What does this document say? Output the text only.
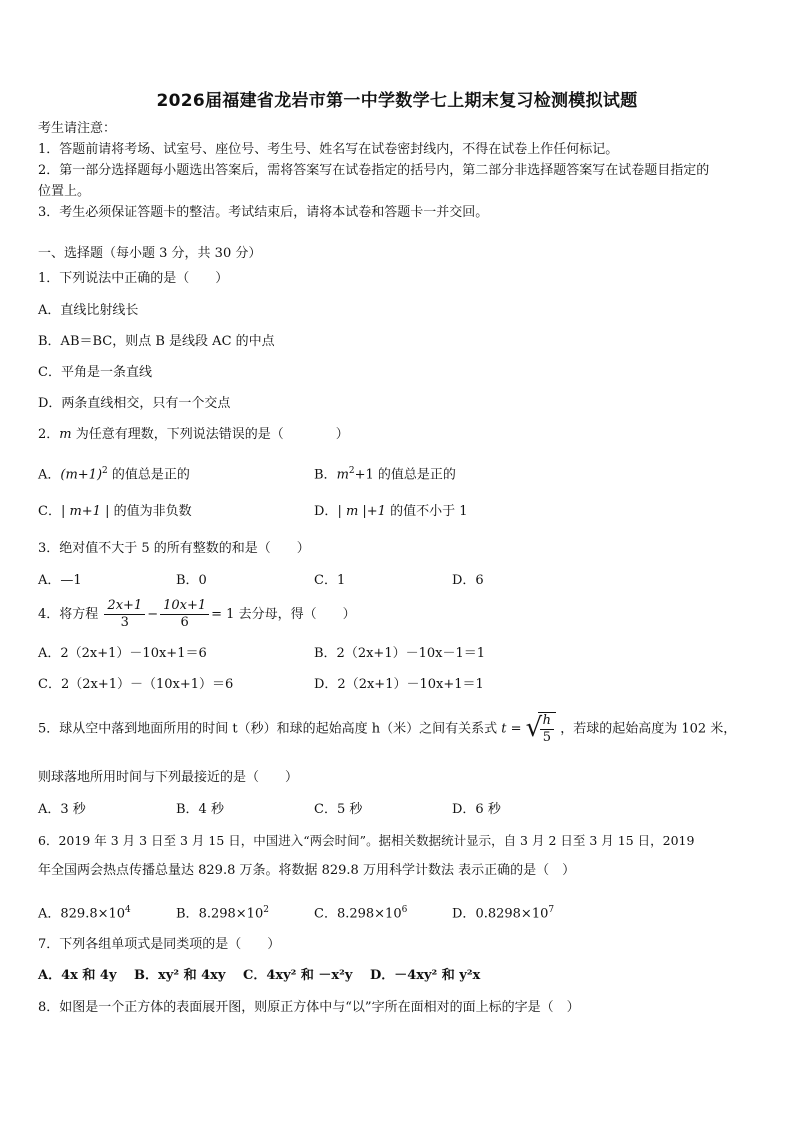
2026届福建省龙岩市第一中学数学七上期末复习检测模拟试题
考生请注意：
1．答题前请将考场、试室号、座位号、考生号、姓名写在试卷密封线内，不得在试卷上作任何标记。
2．第一部分选择题每小题选出答案后，需将答案写在试卷指定的括号内，第二部分非选择题答案写在试卷题目指定的
位置上。
3．考生必须保证答题卡的整洁。考试结束后，请将本试卷和答题卡一并交回。
一、选择题（每小题 3 分，共 30 分）
1．下列说法中正确的是（　　）
A．直线比射线长
B．AB＝BC，则点 B 是线段 AC 的中点
C．平角是一条直线
D．两条直线相交，只有一个交点
2．m 为任意有理数，下列说法错误的是（　　　　）
A．$(m+1)^2$ 的值总是正的	B．$m^2+1$ 的值总是正的
C．| m+1 | 的值为非负数	D．| m |+1 的值不小于 1
3．绝对值不大于 5 的所有整数的和是（　　）
A．—1	B．0	C．1	D．6
4．将方程 $\frac{2x+1}{3} - \frac{10x+1}{6} = 1$ 去分母，得（　　）
A．2（2x+1）－10x+1＝6	B．2（2x+1）－10x－1＝1
C．2（2x+1）－（10x+1）＝6	D．2（2x+1）－10x+1＝1
5．球从空中落到地面所用的时间 t（秒）和球的起始高度 h（米）之间有关系式 t = √
$\frac{h}{5}$ ，若球的起始高度为 102 米，
则球落地所用时间与下列最接近的是（　　）
A．3 秒	B．4 秒	C．5 秒	D．6 秒
6．2019 年 3 月 3 日至 3 月 15 日，中国进入“两会时间”。据相关数据统计显示，自 3 月 2 日至 3 月 15 日，2019
年全国两会热点传播总量达 829.8 万条。将数据 829.8 万用科学计数法 表示正确的是（　）
A．$829.8\times 10^4$	B．$8.298\times 10^2$	C．$8.298\times 10^6$	D．$0.8298\times 10^7$
7．下列各组单项式是同类项的是（　　）
A．4x 和 4y　 B．xy² 和 4xy　 C．4xy² 和 －x²y　 D．－4xy² 和 y²x
8．如图是一个正方体的表面展开图，则原正方体中与“以”字所在面相对的面上标的字是（　）
